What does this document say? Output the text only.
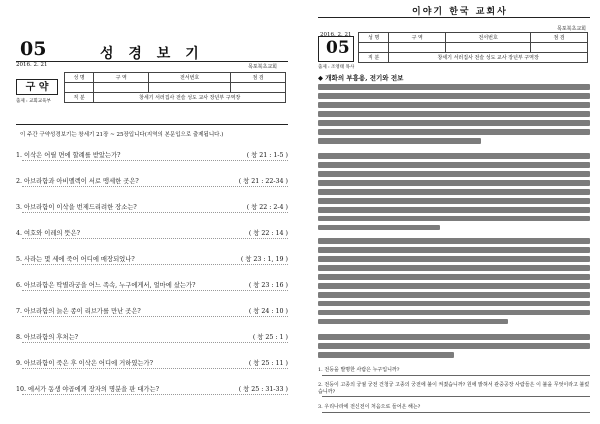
05	성 경 보 기
2016. 2. 21	목포북초교회
구 약
출제 : 교회교육부
성 명	구 역	전서번호	점 검

직 분	창세기 서러집사 전슬 성도 교사 장년부 구역장		
이 주간 구약성경보기는 창세기 21장 ~ 25장입니다(지역의 본문입으로 출제됩니다.)
1. 이삭은 어릴 면에 할례를 받았는가?	( 창 21 : 1-5 )
2. 아브라함과 아비멜렉이 서로 맹세한 곳은?	( 창 21 : 22-34 )
3. 아브라함이 이삭을 번제드리려한 장소는?	( 창 22 : 2-4 )
4. 여호와 이레의 뜻은?	( 창 22 : 14 )
5. 사라는 몇 세에 죽어 어디에 매장되었나?	( 창 23 : 1, 19 )
6. 아브라함은 딱별라궁을 어느 족속, 누구에게서, 얼마에 샀는가?	( 창 23 : 16 )
7. 아브라함의 늙은 종이 리브가를 만난 곳은?	( 창 24 : 10 )
8. 아브라함의 후처는?	( 창 25 : 1 )
9. 아브라함이 죽은 후 이삭은 어디에 거하였는가?	( 창 25 : 11 )
10. 에서가 동생 야곱에게 장자의 명분을 판 대가는?	( 창 25 : 31-33 )
이야기 한국 교회사
목포북초교회
2016. 2. 21
05
출제 : 조영태 목사
성 명	구 역	전서번호	점 검

직 분	창세기 서러집사 전슬 성도 교사 장년부 구역장		
◆ 개화의 부흥용, 전기와 전보
1. 전등을 발명한 사람은 누구입니까?
2. 전등이 고종의 궁궐 궁전 건청궁 고종의 궁전에 불이 켜졌습니까? 원에 밝혀서 관중공장 사람들은 이 불을 무엇이라고 불렀습니까?
3. 우리나라에 전신전이 처음으로 들어온 해는?
